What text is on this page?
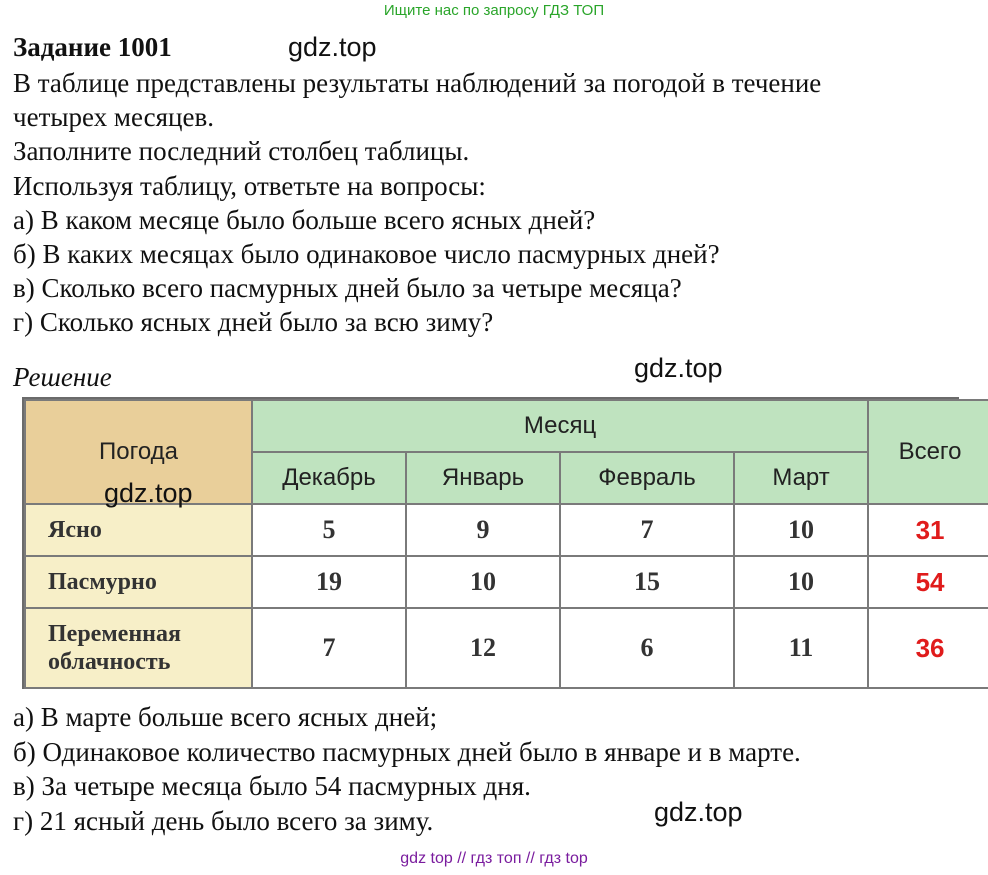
Ищите нас по запросу ГДЗ ТОП
Задание 1001	gdz.top
В таблице представлены результаты наблюдений за погодой в течение
четырех месяцев.
Заполните последний столбец таблицы.
Используя таблицу, ответьте на вопросы:
а) В каком месяце было больше всего ясных дней?
б) В каких месяцах было одинаковое число пасмурных дней?
в) Сколько всего пасмурных дней было за четыре месяца?
г) Сколько ясных дней было за всю зиму?
Решение	gdz.top
Погода	Месяц				Всего
	Декабрь	Январь	Февраль	Март	
Ясно	5	9	7	10	31
Пасмурно	19	10	15	10	54

Переменная
облачность	7	12	6	11	36
gdz.top
а) В марте больше всего ясных дней;
б) Одинаковое количество пасмурных дней было в январе и в марте.
в) За четыре месяца было 54 пасмурных дня.
г) 21 ясный день было всего за зиму.	gdz.top
gdz top // гдз топ // гдз top
